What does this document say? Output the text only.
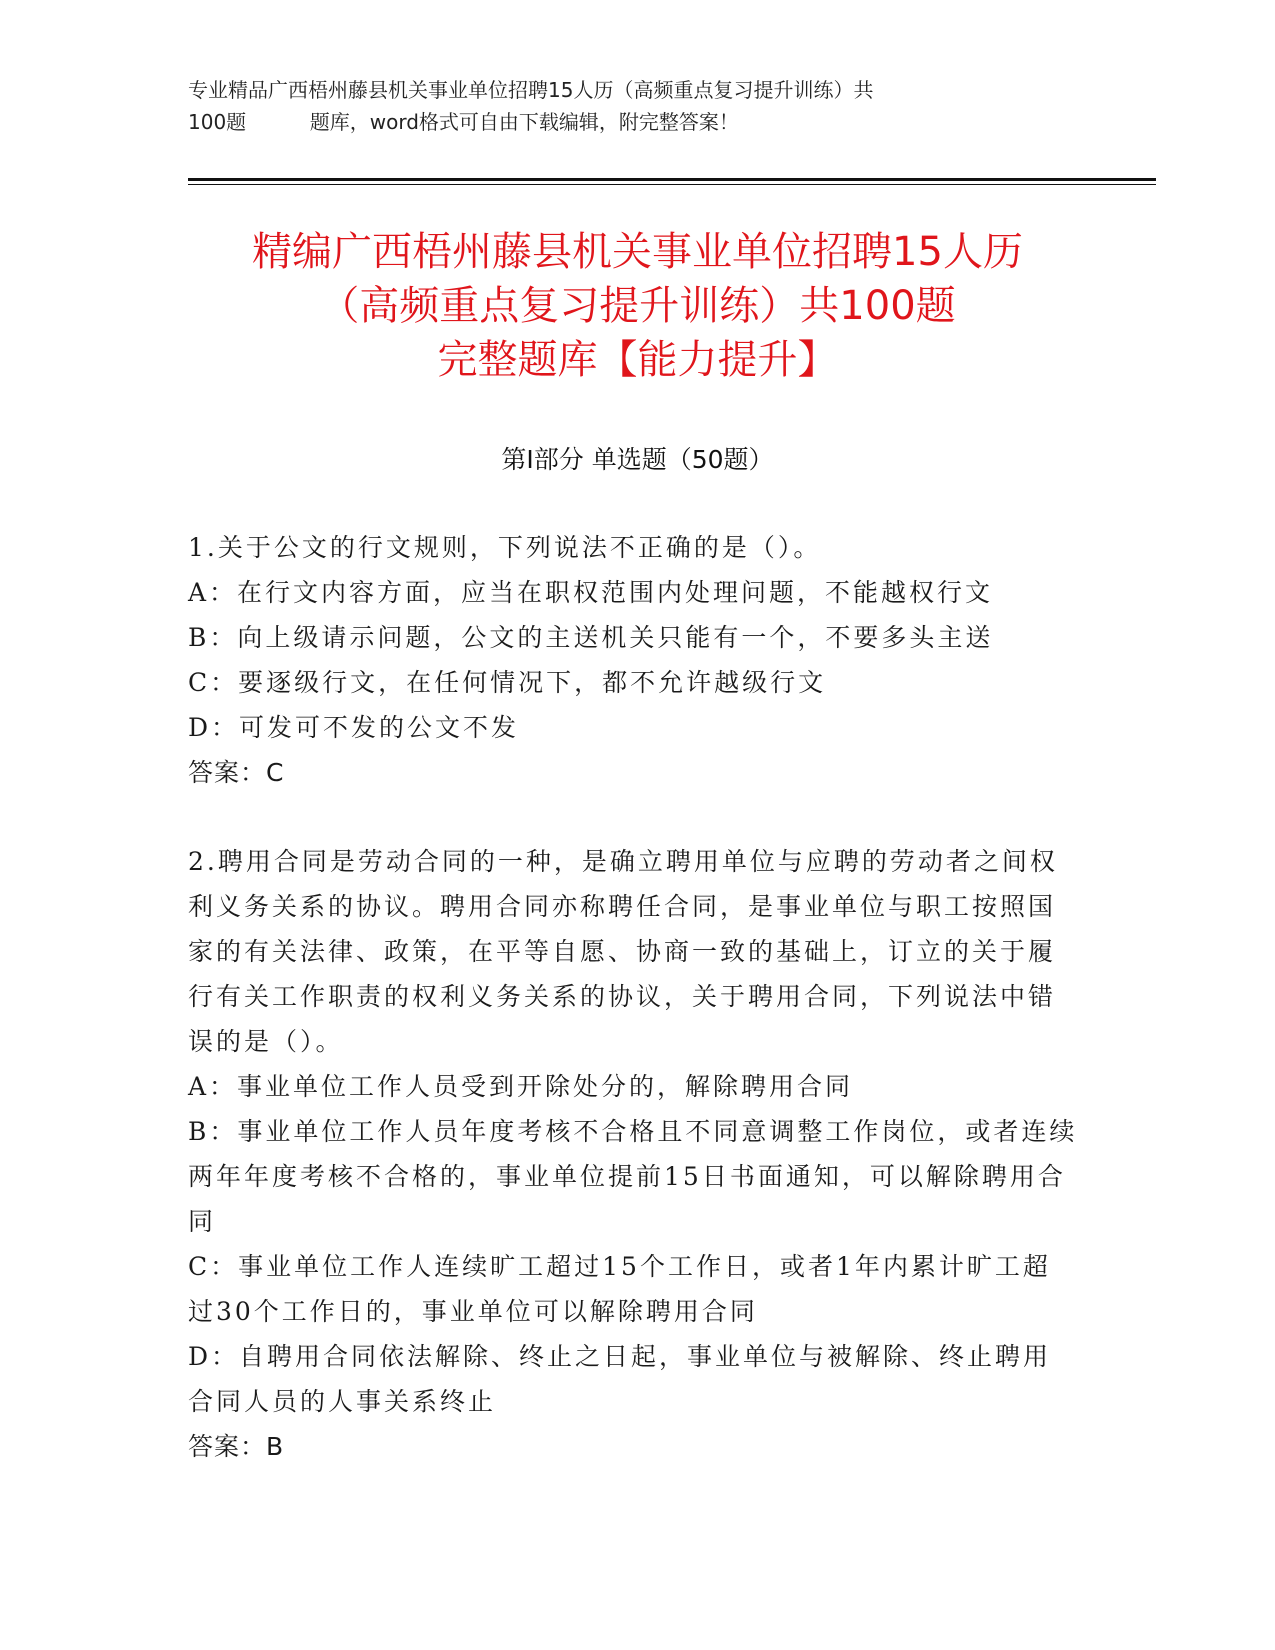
专业精品广西梧州藤县机关事业单位招聘15人历（高频重点复习提升训练）共
100题          题库，word格式可自由下载编辑，附完整答案！
精编广西梧州藤县机关事业单位招聘15人历
（高频重点复习提升训练）共100题
完整题库【能力提升】
第Ⅰ部分 单选题（50题）

1.关于公文的行文规则，下列说法不正确的是（）。

A：在行文内容方面，应当在职权范围内处理问题，不能越权行文

B：向上级请示问题，公文的主送机关只能有一个，不要多头主送

C：要逐级行文，在任何情况下，都不允许越级行文

D：可发可不发的公文不发

答案：C

2.聘用合同是劳动合同的一种，是确立聘用单位与应聘的劳动者之间权利义务关系的协议。聘用合同亦称聘任合同，是事业单位与职工按照国家的有关法律、政策，在平等自愿、协商一致的基础上，订立的关于履行有关工作职责的权利义务关系的协议，关于聘用合同，下列说法中错误的是（）。

A：事业单位工作人员受到开除处分的，解除聘用合同

B：事业单位工作人员年度考核不合格且不同意调整工作岗位，或者连续两年年度考核不合格的，事业单位提前15日书面通知，可以解除聘用合同

C：事业单位工作人连续旷工超过15个工作日，或者1年内累计旷工超过30个工作日的，事业单位可以解除聘用合同

D：自聘用合同依法解除、终止之日起，事业单位与被解除、终止聘用合同人员的人事关系终止

答案：B
